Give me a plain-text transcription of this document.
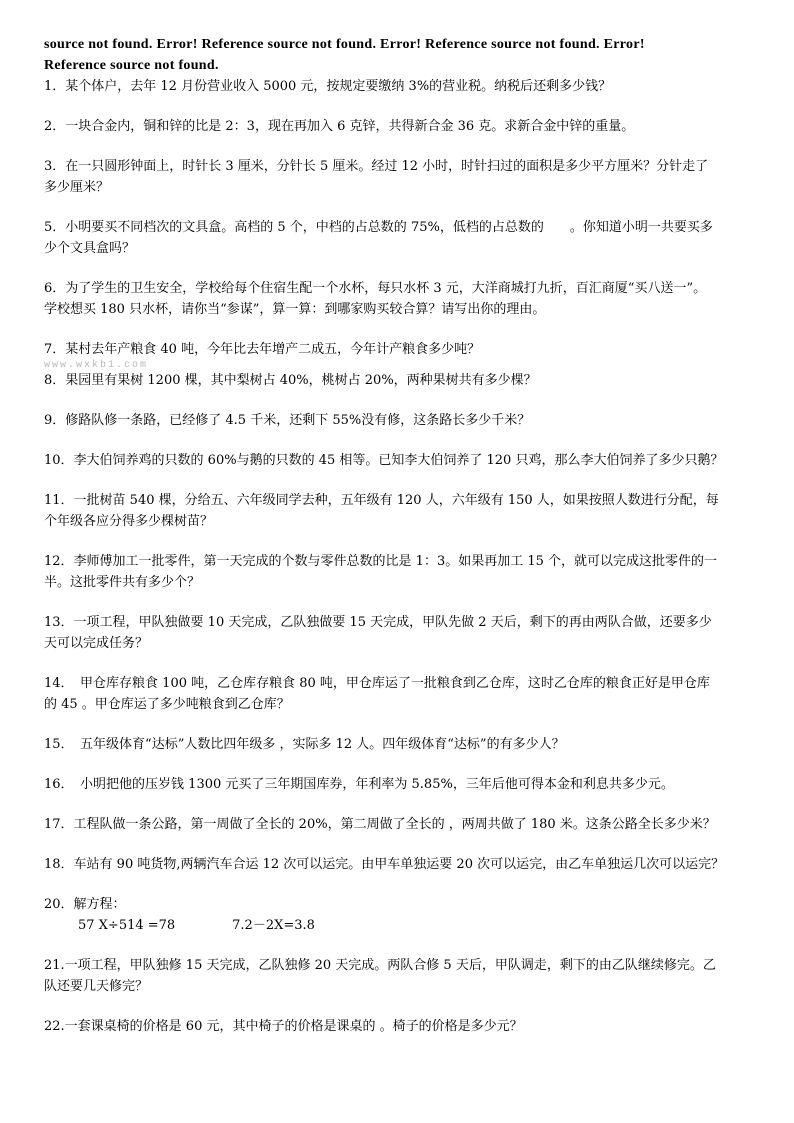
source not found. Error! Reference source not found. Error! Reference source not found. Error!

Reference source not found.

1．某个体户，去年 12 月份营业收入 5000 元，按规定要缴纳 3%的营业税。纳税后还剩多少钱？

2．一块合金内，铜和锌的比是 2：3，现在再加入 6 克锌，共得新合金 36 克。求新合金中锌的重量。

3．在一只圆形钟面上，时针长 3 厘米，分针长 5 厘米。经过 12 小时，时针扫过的面积是多少平方厘米？分针走了
多少厘米？
5．小明要买不同档次的文具盒。高档的 5 个，中档的占总数的 75%，低档的占总数的　　。你知道小明一共要买多
少个文具盒吗？
6．为了学生的卫生安全，学校给每个住宿生配一个水杯，每只水杯 3 元，大洋商城打九折，百汇商厦“买八送一”。
学校想买 180 只水杯，请你当“参谋”，算一算：到哪家购买较合算？请写出你的理由。

7．某村去年产粮食 40 吨，今年比去年增产二成五，今年计产粮食多少吨？

www.wxkb1.com

8．果园里有果树 1200 棵，其中梨树占 40%，桃树占 20%，两种果树共有多少棵？

9．修路队修一条路，已经修了 4.5 千米，还剩下 55%没有修，这条路长多少千米？

10．李大伯饲养鸡的只数的 60%与鹅的只数的 45 相等。已知李大伯饲养了 120 只鸡，那么李大伯饲养了多少只鹅？

11．一批树苗 540 棵，分给五、六年级同学去种，五年级有 120 人，六年级有 150 人，如果按照人数进行分配，每
个年级各应分得多少棵树苗？
12．李师傅加工一批零件，第一天完成的个数与零件总数的比是 1：3。如果再加工 15 个，就可以完成这批零件的一
半。这批零件共有多少个？
13．一项工程，甲队独做要 10 天完成，乙队独做要 15 天完成，甲队先做 2 天后，剩下的再由两队合做，还要多少
天可以完成任务？
14．　甲仓库存粮食 100 吨，乙仓库存粮食 80 吨，甲仓库运了一批粮食到乙仓库，这时乙仓库的粮食正好是甲仓库
的 45 。甲仓库运了多少吨粮食到乙仓库？

15．　五年级体育“达标”人数比四年级多 ，实际多 12 人。四年级体育“达标”的有多少人？

16．　小明把他的压岁钱 1300 元买了三年期国库券，年利率为 5.85%，三年后他可得本金和利息共多少元。

17．工程队做一条公路，第一周做了全长的 20%，第二周做了全长的 ，两周共做了 180 米。这条公路全长多少米？

18．车站有 90 吨货物,两辆汽车合运 12 次可以运完。由甲车单独运要 20 次可以运完，由乙车单独运几次可以运完？

20．解方程：

57 X÷514 =78	7.2－2X=3.8
21.一项工程，甲队独修 15 天完成，乙队独修 20 天完成。两队合修 5 天后，甲队调走，剩下的由乙队继续修完。乙
队还要几天修完？

22.一套课桌椅的价格是 60 元，其中椅子的价格是课桌的 。椅子的价格是多少元？
